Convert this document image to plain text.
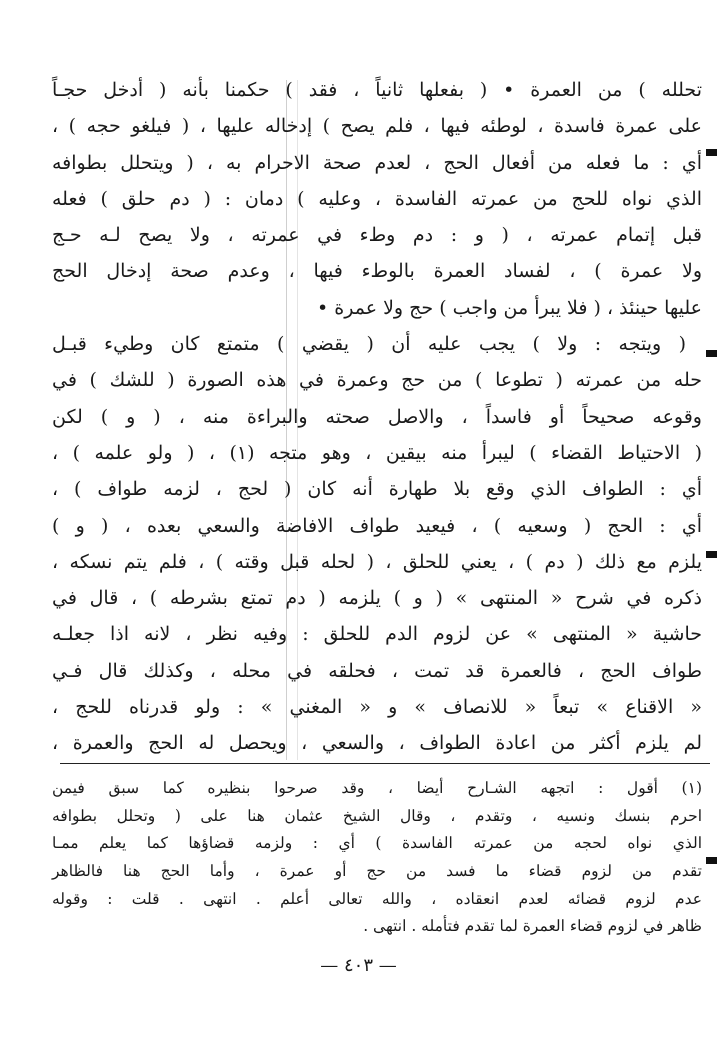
تحلله ) من العمرة • ( بفعلها ثانياً ، فقد ) حكمنا بأنه ( أدخل حجـاً
على عمرة فاسدة ، لوطئه فيها ، فلم يصح ) إدخاله عليها ، ( فيلغو حجه ) ،
أي : ما فعله من أفعال الحج ، لعدم صحة الاحرام به ، ( ويتحلل بطوافه
الذي نواه للحج من عمرته الفاسدة ، وعليه ) دمان : ( دم حلق ) فعله
قبل إتمام عمرته ، ( و : دم وطء في عمرته ، ولا يصح لـه حـج
ولا عمرة ) ، لفساد العمرة بالوطء فيها ، وعدم صحة إدخال الحج
عليها حينئذ ، ( فلا يبرأ من واجب ) حج ولا عمرة •
( ويتجه : ولا ) يجب عليه أن ( يقضي ) متمتع كان وطيء قبـل
حله من عمرته ( تطوعا ) من حج وعمرة في هذه الصورة ( للشك ) في
وقوعه صحيحاً أو فاسداً ، والاصل صحته والبراءة منه ، ( و ) لكن
( الاحتياط القضاء ) ليبرأ منه بيقين ، وهو متجه (١) ، ( ولو علمه ) ،
أي : الطواف الذي وقع بلا طهارة أنه كان ( لحج ، لزمه طواف ) ،
أي : الحج ( وسعيه ) ، فيعيد طواف الافاضة والسعي بعده ، ( و )
يلزم مع ذلك ( دم ) ، يعني للحلق ، ( لحله قبل وقته ) ، فلم يتم نسكه ،
ذكره في شرح « المنتهى » ( و ) يلزمه ( دم تمتع بشرطه ) ، قال في
حاشية « المنتهى » عن لزوم الدم للحلق : وفيه نظر ، لانه اذا جعلـه
طواف الحج ، فالعمرة قد تمت ، فحلقه في محله ، وكذلك قال فـي
« الاقناع » تبعاً « للانصاف » و « المغني » : ولو قدرناه للحج ،
لم يلزم أكثر من اعادة الطواف ، والسعي ، ويحصل له الحج والعمرة ،
(١) أقول : اتجهه الشـارح أيضا ، وقد صرحوا بنظيره كما سبق فيمن
احرم بنسك ونسيه ، وتقدم ، وقال الشيخ عثمان هنا على ( وتحلل بطوافه
الذي نواه لحجه من عمرته الفاسدة ) أي : ولزمه قضاؤها كما يعلم ممـا
تقدم من لزوم قضاء ما فسد من حج أو عمرة ، وأما الحج هنا فالظاهر
عدم لزوم قضائه لعدم انعقاده ، والله تعالى أعلم . انتهى . قلت : وقوله
ظاهر في لزوم قضاء العمرة لما تقدم فتأمله . انتهى .
— ٤٠٣ —
